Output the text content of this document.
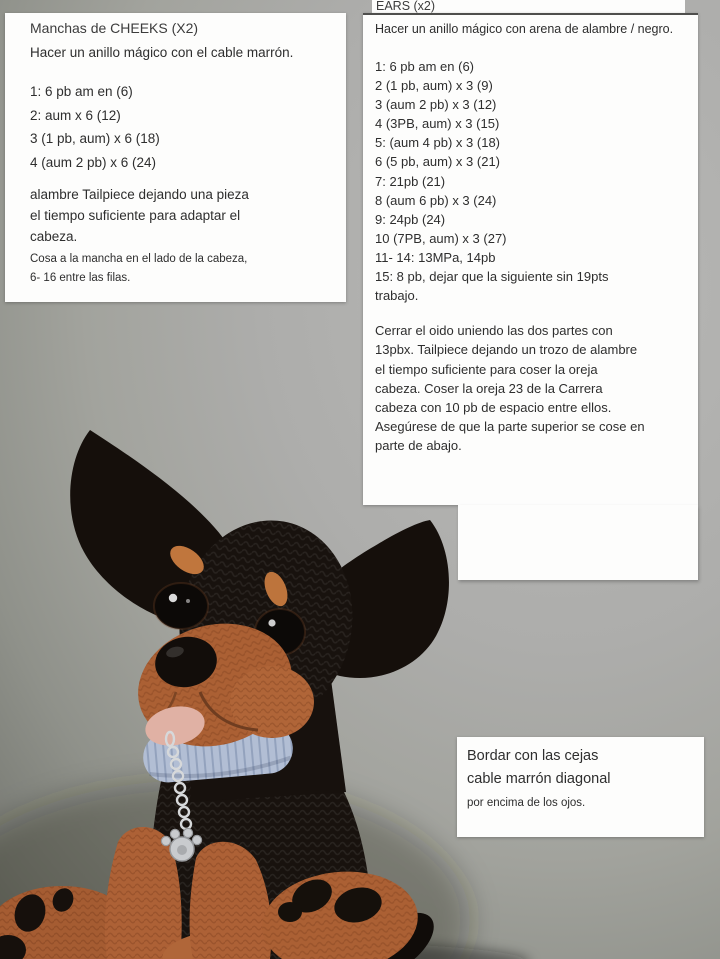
Manchas de CHEEKS (X2)
Hacer un anillo mágico con el cable marrón.
1: 6 pb am en (6)
2: aum x 6 (12)
3 (1 pb, aum) x 6 (18)
4 (aum 2 pb) x 6 (24)
alambre Tailpiece dejando una pieza
el tiempo suficiente para adaptar el
cabeza.
Cosa a la mancha en el lado de la cabeza,
6- 16 entre las filas.
EARS (x2)
Hacer un anillo mágico con arena de alambre / negro.
1: 6 pb am en (6)
2 (1 pb, aum) x 3 (9)
3 (aum 2 pb) x 3 (12)
4 (3PB, aum) x 3 (15)
5: (aum 4 pb) x 3 (18)
6 (5 pb, aum) x 3 (21)
7: 21pb (21)
8 (aum 6 pb) x 3 (24)
9: 24pb (24)
10 (7PB, aum) x 3 (27)
11- 14: 13MPa, 14pb
15: 8 pb, dejar que la siguiente sin 19pts
trabajo.
Cerrar el oido uniendo las dos partes con
13pbx. Tailpiece dejando un trozo de alambre
el tiempo suficiente para coser la oreja
cabeza. Coser la oreja 23 de la Carrera
cabeza con 10 pb de espacio entre ellos.
Asegúrese de que la parte superior se cose en
parte de abajo.
Bordar con las cejas
cable marrón diagonal
por encima de los ojos.
